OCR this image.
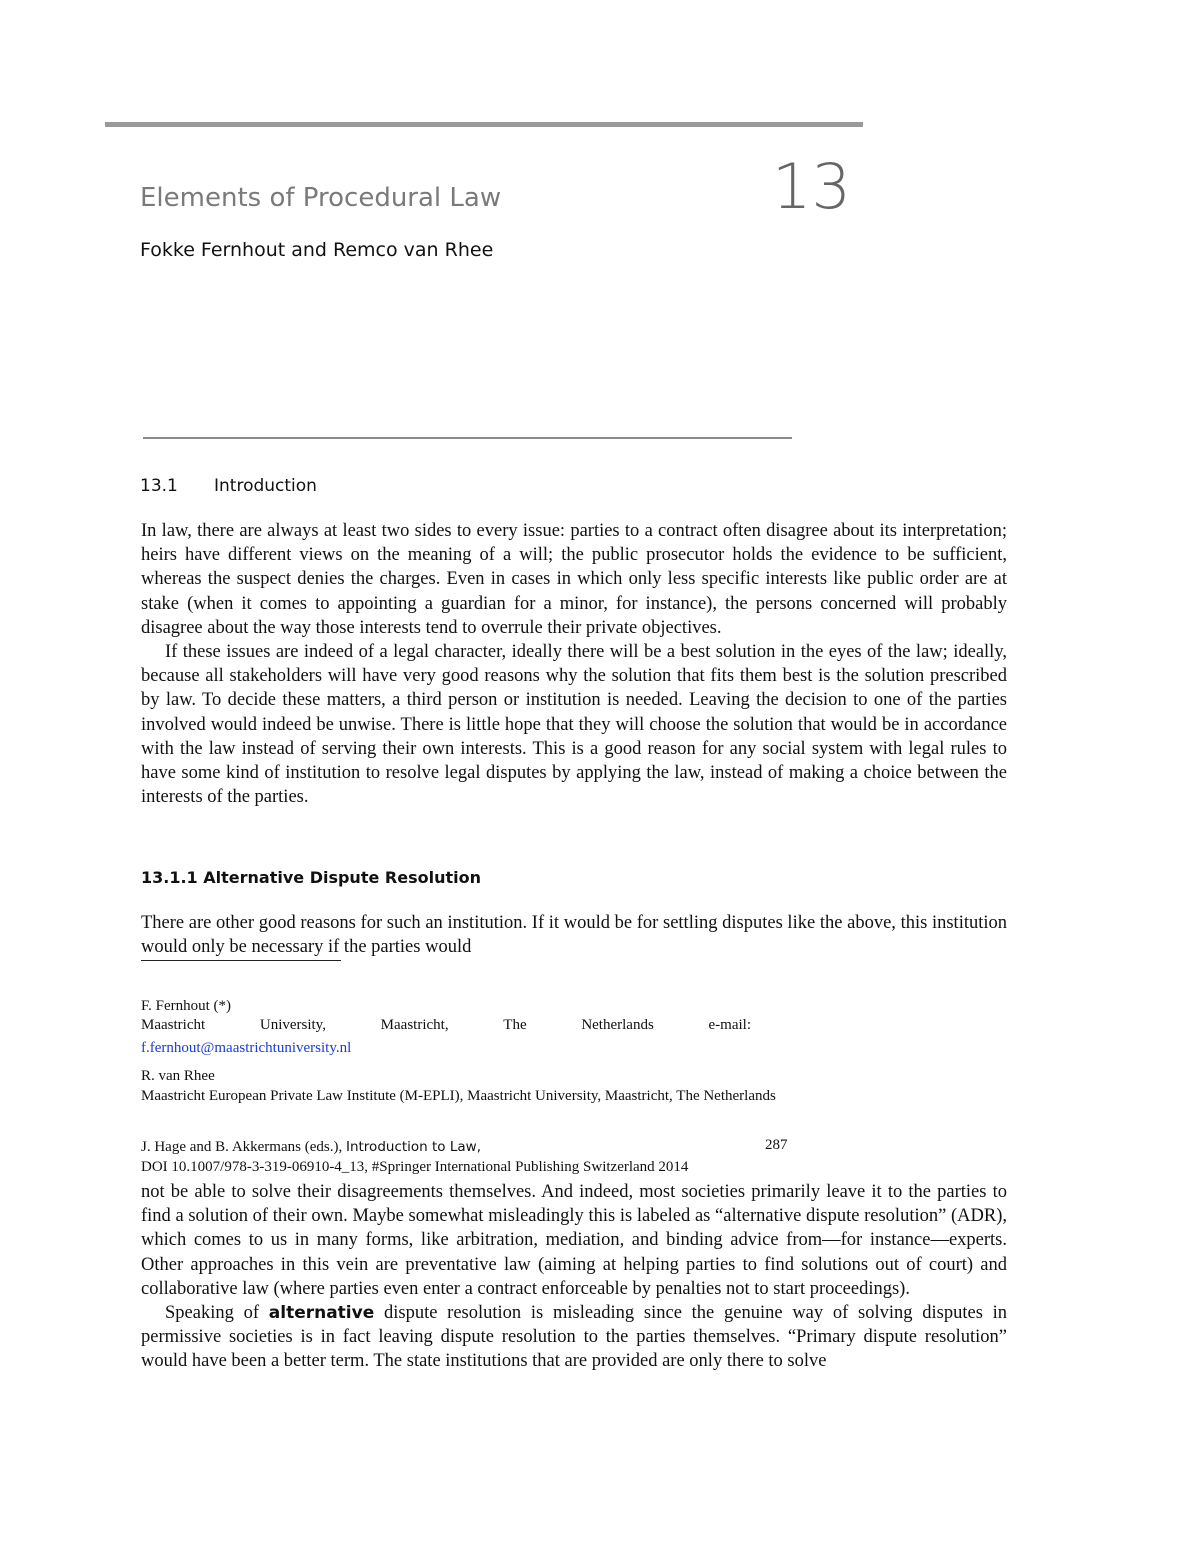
Elements of Procedural Law	13
Fokke Fernhout and Remco van Rhee
13.1 Introduction

In law, there are always at least two sides to every issue: parties to a contract often disagree about its interpretation; heirs have different views on the meaning of a will; the public prosecutor holds the evidence to be sufficient, whereas the suspect denies the charges. Even in cases in which only less specific interests like public order are at stake (when it comes to appointing a guardian for a minor, for instance), the persons concerned will probably disagree about the way those interests tend to overrule their private objectives.

If these issues are indeed of a legal character, ideally there will be a best solution in the eyes of the law; ideally, because all stakeholders will have very good reasons why the solution that fits them best is the solution prescribed by law. To decide these matters, a third person or institution is needed. Leaving the decision to one of the parties involved would indeed be unwise. There is little hope that they will choose the solution that would be in accordance with the law instead of serving their own interests. This is a good reason for any social system with legal rules to have some kind of institution to resolve legal disputes by applying the law, instead of making a choice between the interests of the parties.

13.1.1 Alternative Dispute Resolution

There are other good reasons for such an institution. If it would be for settling disputes like the above, this institution would only be necessary if the parties would

F. Fernhout (*)
Maastricht	University,	Maastricht,	The	Netherlands	e-mail:
f.fernhout@maastrichtuniversity.nl
R. van Rhee
Maastricht European Private Law Institute (M-EPLI), Maastricht University, Maastricht, The Netherlands
J. Hage and B. Akkermans (eds.), Introduction to Law,	287
DOI 10.1007/978-3-319-06910-4_13, #Springer International Publishing Switzerland 2014

not be able to solve their disagreements themselves. And indeed, most societies primarily leave it to the parties to find a solution of their own. Maybe somewhat misleadingly this is labeled as “alternative dispute resolution” (ADR), which comes to us in many forms, like arbitration, mediation, and binding advice from—for instance—experts. Other approaches in this vein are preventative law (aiming at helping parties to find solutions out of court) and collaborative law (where parties even enter a contract enforceable by penalties not to start proceedings).

Speaking of alternative dispute resolution is misleading since the genuine way of solving disputes in permissive societies is in fact leaving dispute resolution to the parties themselves. “Primary dispute resolution” would have been a better term. The state institutions that are provided are only there to solve
